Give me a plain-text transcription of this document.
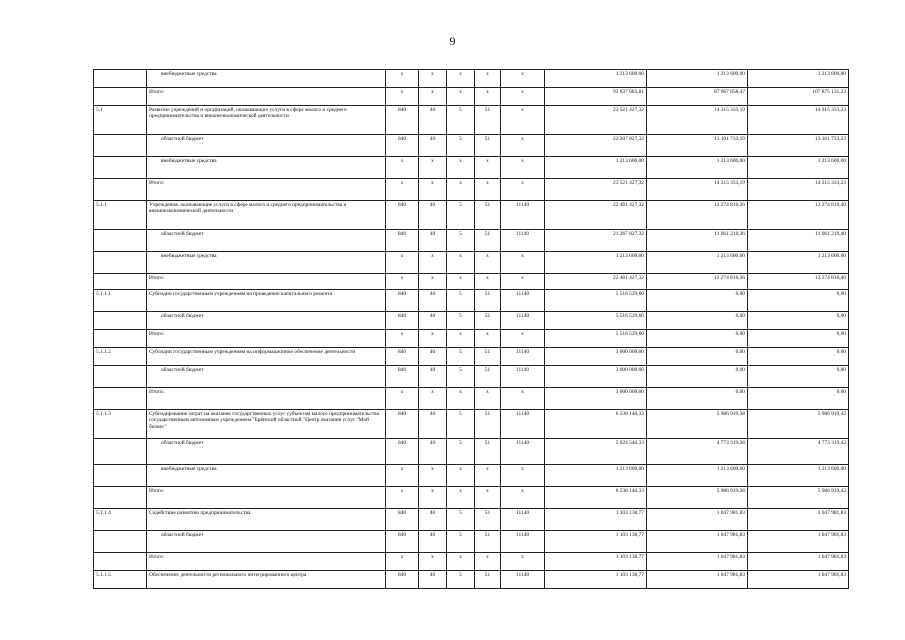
9
	внебюджетные средства	x	x	x	x	x	1 213 600,00	1 213 600,00	1 213 600,00
	Итого:	x	x	x	x	x	93 637 083,81	87 967 858,47	107 875 131,23
5.1	Развитие учреждений и организаций, оказывающих услуги в сфере малого и среднего предпринимательства и внешнеэкономической деятельности	840	40	5	51	x	23 521 427,32	14 315 333,19	14 315 333,23
	областной бюджет	840	40	5	51	x	22 307 827,32	13 101 733,19	13 101 733,23
	внебюджетные средства	x	x	x	x	x	1 213 600,00	1 213 600,00	1 213 600,00
	Итого:	x	x	x	x	x	23 521 427,32	14 315 333,19	14 315 333,23
5.1.1	Учреждения, оказывающие услуги в сфере малого и среднего предпринимательства и внешнеэкономической деятельности	840	40	5	51	11140	22 481 427,32	12 274 810,36	12 274 810,40
	областной бюджет	840	40	5	51	11140	21 267 827,32	11 061 210,36	11 061 210,40
	внебюджетные средства	x	x	x	x	x	1 213 600,00	1 213 600,00	1 213 600,00
	Итого:	x	x	x	x	x	22 481 427,32	12 274 810,36	12 274 810,40
5.1.1.1	Субсидии государственным учреждениям на проведение капитального ремонта	840	40	5	51	11140	5 516 529,60	0,00	0,00
	областной бюджет	840	40	5	51	11140	5 516 529,60	0,00	0,00
	Итого:	x	x	x	x	x	5 516 529,60	0,00	0,00
5.1.1.2	Субсидии государственным учреждениям на информационное обеспечение деятельности	840	40	5	51	11140	3 000 000,00	0,00	0,00
	областной бюджет	840	40	5	51	11140	3 000 000,00	0,00	0,00
	Итого:	x	x	x	x	x	3 000 000,00	0,00	0,00
5.1.1.3	Субсидирование затрат на оказание государственных услуг субъектам малого предпринимательства государственным автономным учреждением "Брянский областной "Центр оказания услуг "Мой бизнес"	840	40	5	51	11140	6 238 146,33	5 986 919,38	5 986 919,42
	областной бюджет	840	40	5	51	11140	5 024 546,33	4 773 319,38	4 773 319,42
	внебюджетные средства	x	x	x	x	x	1 213 600,00	1 213 600,00	1 213 600,00
	Итого:	x	x	x	x	x	6 238 146,33	5 986 919,38	5 986 919,42
5.1.1.4	Содействие развитию предпринимательства	840	40	5	51	11140	1 103 138,77	1 047 981,83	1 047 981,83
	областной бюджет	840	40	5	51	11140	1 103 138,77	1 047 981,83	1 047 981,83
	Итого:	x	x	x	x	x	1 103 138,77	1 047 981,83	1 047 981,83
5.1.1.5	Обеспечение деятельности регионального интегрированного центра	840	40	5	51	11140	1 103 138,77	1 047 981,83	1 047 981,83
